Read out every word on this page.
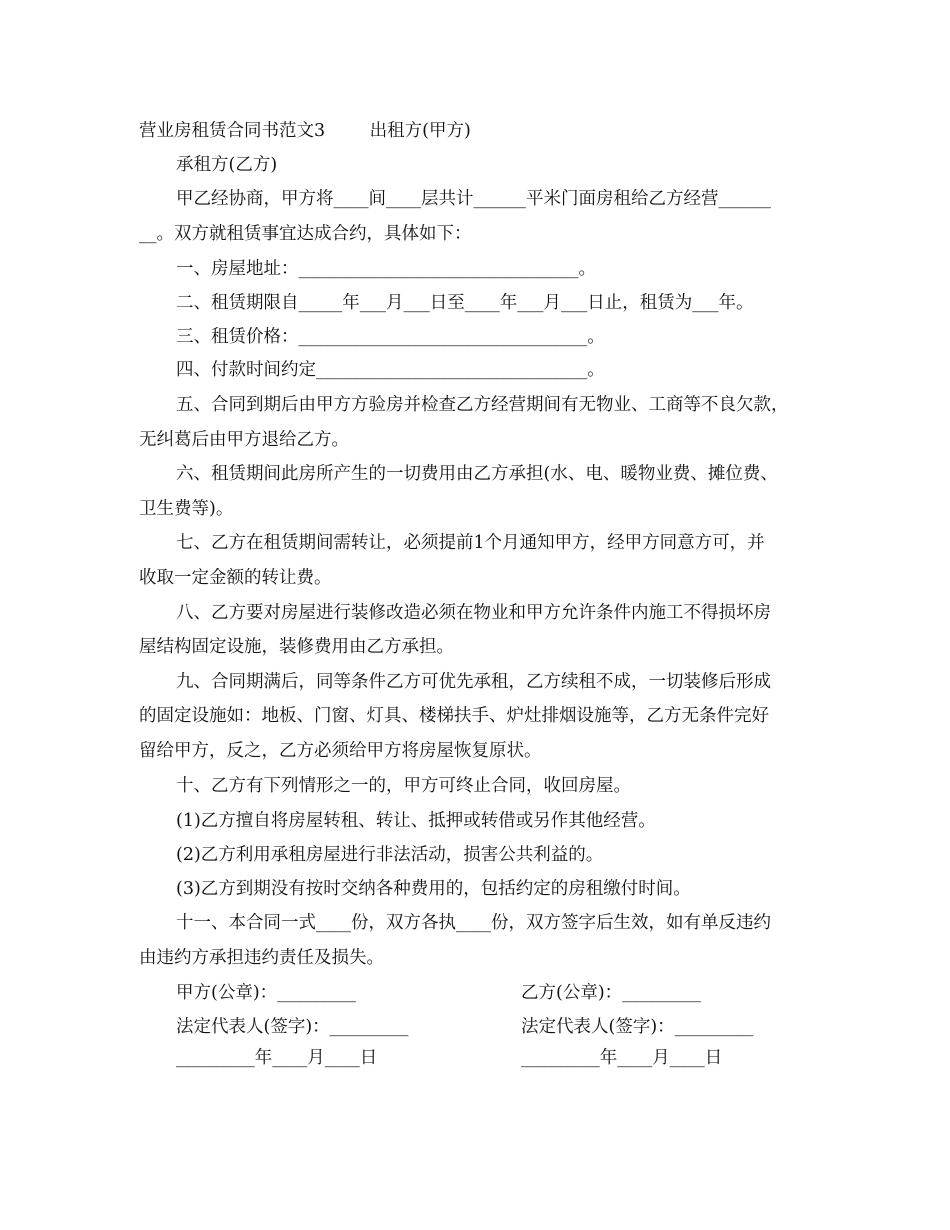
营业房租赁合同书范文3        出租方(甲方)
承租方(乙方)
甲乙经协商，甲方将____间____层共计______平米门面房租给乙方经营______
__。双方就租赁事宜达成合约，具体如下：
一、房屋地址：________________________________。
二、租赁期限自_____年___月___日至____年___月___日止，租赁为___年。
三、租赁价格：_________________________________。
四、付款时间约定_______________________________。
五、合同到期后由甲方方验房并检查乙方经营期间有无物业、工商等不良欠款，
无纠葛后由甲方退给乙方。
六、租赁期间此房所产生的一切费用由乙方承担(水、电、暖物业费、摊位费、
卫生费等)。
七、乙方在租赁期间需转让，必须提前1个月通知甲方，经甲方同意方可，并
收取一定金额的转让费。
八、乙方要对房屋进行装修改造必须在物业和甲方允许条件内施工不得损坏房
屋结构固定设施，装修费用由乙方承担。
九、合同期满后，同等条件乙方可优先承租，乙方续租不成，一切装修后形成
的固定设施如：地板、门窗、灯具、楼梯扶手、炉灶排烟设施等，乙方无条件完好
留给甲方，反之，乙方必须给甲方将房屋恢复原状。
十、乙方有下列情形之一的，甲方可终止合同，收回房屋。
(1)乙方擅自将房屋转租、转让、抵押或转借或另作其他经营。
(2)乙方利用承租房屋进行非法活动，损害公共利益的。
(3)乙方到期没有按时交纳各种费用的，包括约定的房租缴付时间。
十一、本合同一式____份，双方各执____份，双方签字后生效，如有单反违约
由违约方承担违约责任及损失。
甲方(公章)：_________	乙方(公章)：_________
法定代表人(签字)：_________	法定代表人(签字)：_________
_________年____月____日	_________年____月____日
